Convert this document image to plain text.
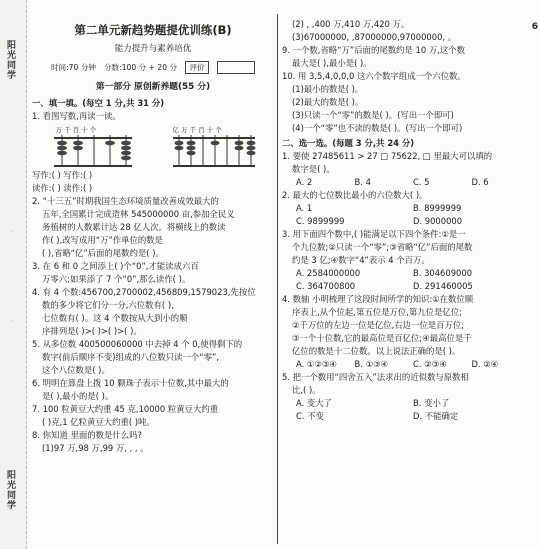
阳光同学
·
·
阳光同学
6
第二单元新趋势题提优训练(B)
能力提升与素养培优
时间:70 分钟 分数:100 分 + 20 分	评价
第一部分 原创新养题(55 分)

一、填一填。(每空 1 分,共 31 分)

1. 看图写数,再读一读。

万 千 百 十 个	亿 万 千 百 十 个

写作:( ) 写作:( )

读作:( ) 读作:( )

2. “十三五”时期我国生态环境质量改善成效最大的

五年,全国累计完成造林 545000000 亩,参加全民义

务植树的人数累计达 28 亿人次。将横线上的数读

作( ),改写成用“万”作单位的数是

( ),省略“亿”后面的尾数约是( )。

3. 在 6 和 0 之间添上( )个“0”,才能读成六百

万零六;如果添了 7 个“0”,那么读作( )。

4. 有 4 个数:456700,2700002,456809,1579023,先按位

数的多少将它们分一分,六位数有( ),

七位数有( )。这 4 个数按从大到小的顺

序排列是( )>( )>( )>( )。

5. 从多位数 400500060000 中去掉 4 个 0,使得剩下的

数字(前后顺序不变)组成的八位数只读一个“零”,

这个八位数是( )。

6. 明明在算盘上拨 10 颗珠子表示十位数,其中最大的

是( ),最小的是( )。

7. 100 粒黄豆大约重 45 克,10000 粒黄豆大约重

( )克,1 亿粒黄豆大约重( )吨。

8. 你知道 里面的数是什么吗?

(1)97 万,98 万,99 万, , , 。

(2) , ,400 万,410 万,420 万。

(3)67000000, ,87000000,97000000, 。

9. 一个数,省略“万”后面的尾数约是 10 万,这个数

最大是( ),最小是( )。

10. 用 3,5,4,0,0,0 这六个数字组成一个六位数。

(1)最小的数是( )。

(2)最大的数是( )。

(3)只读一个“零”的数是( )。(写出一个即可)

(4)一个“零”也不读的数是( )。(写出一个即可)

二、选一选。(每题 3 分,共 24 分)

1. 要使 27485611 > 27 □ 75622, □ 里最大可以填的

数字是( )。

A. 2	B. 4	C. 5	D. 6

2. 最大的七位数比最小的六位数大( )。

A. 1	B. 8999999
C. 9899999	D. 9000000

3. 用下面四个数中,( )能满足以下四个条件:①是一

个九位数;②只读一个“零”;③省略“亿”后面的尾数

约是 3 亿;④数字“4”表示 4 个百万。

A. 2584000000	B. 304609000
C. 364700800	D. 291460005

4. 数轴 小明梳理了这段时间所学的知识:①在数位顺

序表上,从个位起,第五位是万位,第九位是亿位;

②千万位的左边一位是亿位,右边一位是百万位;

③一个十位数,它的最高位是百亿位;④最高位是千

亿位的数是十二位数。以上说法正确的是( )。

A. ①②③④	B. ①③④	C. ②③④	D. ②④

5. 把一个数用“四舍五入”法求出的近似数与原数相

比,( )。

A. 变大了	B. 变小了
C. 不变	D. 不能确定
